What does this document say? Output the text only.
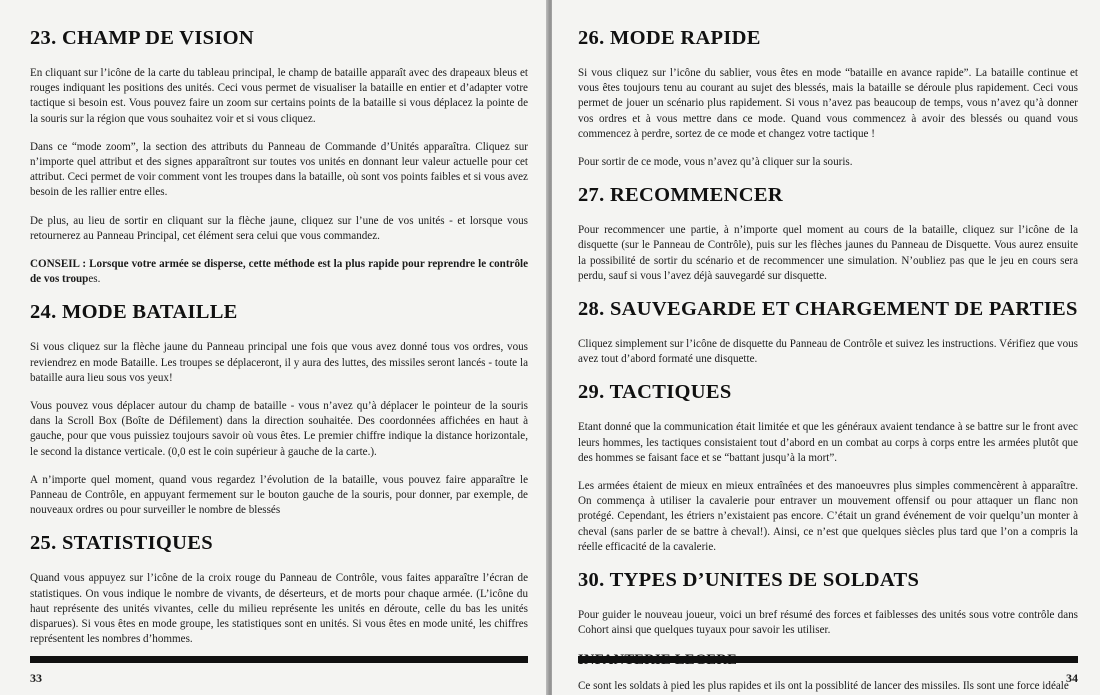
23. CHAMP DE VISION

En cliquant sur l’icône de la carte du tableau principal, le champ de bataille apparaît avec des drapeaux bleus et rouges indiquant les positions des unités. Ceci vous permet de visualiser la bataille en entier et d’adapter votre tactique si besoin est. Vous pouvez faire un zoom sur certains points de la bataille si vous déplacez la pointe de la souris sur la région que vous souhaitez voir et si vous cliquez.

Dans ce “mode zoom”, la section des attributs du Panneau de Commande d’Unités apparaîtra. Cliquez sur n’importe quel attribut et des signes apparaîtront sur toutes vos unités en donnant leur valeur actuelle pour cet attribut. Ceci permet de voir comment vont les troupes dans la bataille, où sont vos points faibles et si vous avez besoin de les rallier entre elles.

De plus, au lieu de sortir en cliquant sur la flèche jaune, cliquez sur l’une de vos unités - et lorsque vous retournerez au Panneau Principal, cet élément sera celui que vous commandez.

CONSEIL : Lorsque votre armée se disperse, cette méthode est la plus rapide pour reprendre le contrôle de vos troupes.

24. MODE BATAILLE

Si vous cliquez sur la flèche jaune du Panneau principal une fois que vous avez donné tous vos ordres, vous reviendrez en mode Bataille. Les troupes se déplaceront, il y aura des luttes, des missiles seront lancés - toute la bataille aura lieu sous vos yeux!

Vous pouvez vous déplacer autour du champ de bataille - vous n’avez qu’à déplacer le pointeur de la souris dans la Scroll Box (Boîte de Défilement) dans la direction souhaitée. Des coordonnées affichées en haut à gauche, pour que vous puissiez toujours savoir où vous êtes. Le premier chiffre indique la distance horizontale, le second la distance verticale. (0,0 est le coin supérieur à gauche de la carte.).

A n’importe quel moment, quand vous regardez l’évolution de la bataille, vous pouvez faire apparaître le Panneau de Contrôle, en appuyant fermement sur le bouton gauche de la souris, pour donner, par exemple, de nouveaux ordres ou pour surveiller le nombre de blessés

25. STATISTIQUES

Quand vous appuyez sur l’icône de la croix rouge du Panneau de Contrôle, vous faites apparaître l’écran de statistiques. On vous indique le nombre de vivants, de déserteurs, et de morts pour chaque armée. (L’icône du haut représente des unités vivantes, celle du milieu représente les unités en déroute, celle du bas les unités disparues). Si vous êtes en mode groupe, les statistiques sont en unités. Si vous êtes en mode unité, les chiffres représentent les nombres d’hommes.

33
26. MODE RAPIDE

Si vous cliquez sur l’icône du sablier, vous êtes en mode “bataille en avance rapide”. La bataille continue et vous êtes toujours tenu au courant au sujet des blessés, mais la bataille se déroule plus rapidement. Ceci vous permet de jouer un scénario plus rapidement. Si vous n’avez pas beaucoup de temps, vous n’avez qu’à donner vos ordres et à vous mettre dans ce mode. Quand vous commencez à avoir des blessés ou quand vous commencez à perdre, sortez de ce mode et changez votre tactique !

Pour sortir de ce mode, vous n’avez qu’à cliquer sur la souris.

27. RECOMMENCER

Pour recommencer une partie, à n’importe quel moment au cours de la bataille, cliquez sur l’icône de la disquette (sur le Panneau de Contrôle), puis sur les flèches jaunes du Panneau de Disquette. Vous aurez ensuite la possibilité de sortir du scénario et de recommencer une simulation. N’oubliez pas que le jeu en cours sera perdu, sauf si vous l’avez déjà sauvegardé sur disquette.

28. SAUVEGARDE ET CHARGEMENT DE PARTIES

Cliquez simplement sur l’icône de disquette du Panneau de Contrôle et suivez les instructions. Vérifiez que vous avez tout d’abord formaté une disquette.

29. TACTIQUES

Etant donné que la communication était limitée et que les généraux avaient tendance à se battre sur le front avec leurs hommes, les tactiques consistaient tout d’abord en un combat au corps à corps entre les armées plutôt que des hommes se faisant face et se “battant jusqu’à la mort”.

Les armées étaient de mieux en mieux entraînées et des manoeuvres plus simples commencèrent à apparaître. On commença à utiliser la cavalerie pour entraver un mouvement offensif ou pour attaquer un flanc non protégé. Cependant, les étriers n’existaient pas encore. C’était un grand événement de voir quelqu’un monter à cheval (sans parler de se battre à cheval!). Ainsi, ce n’est que quelques siècles plus tard que l’on a compris la réelle efficacité de la cavalerie.

30. TYPES D’UNITES DE SOLDATS

Pour guider le nouveau joueur, voici un bref résumé des forces et faiblesses des unités sous votre contrôle dans Cohort ainsi que quelques tuyaux pour savoir les utiliser.

Ce sont les soldats à pied les plus rapides et ils ont la possiblité de lancer des missiles. Ils sont une force idéale

34
